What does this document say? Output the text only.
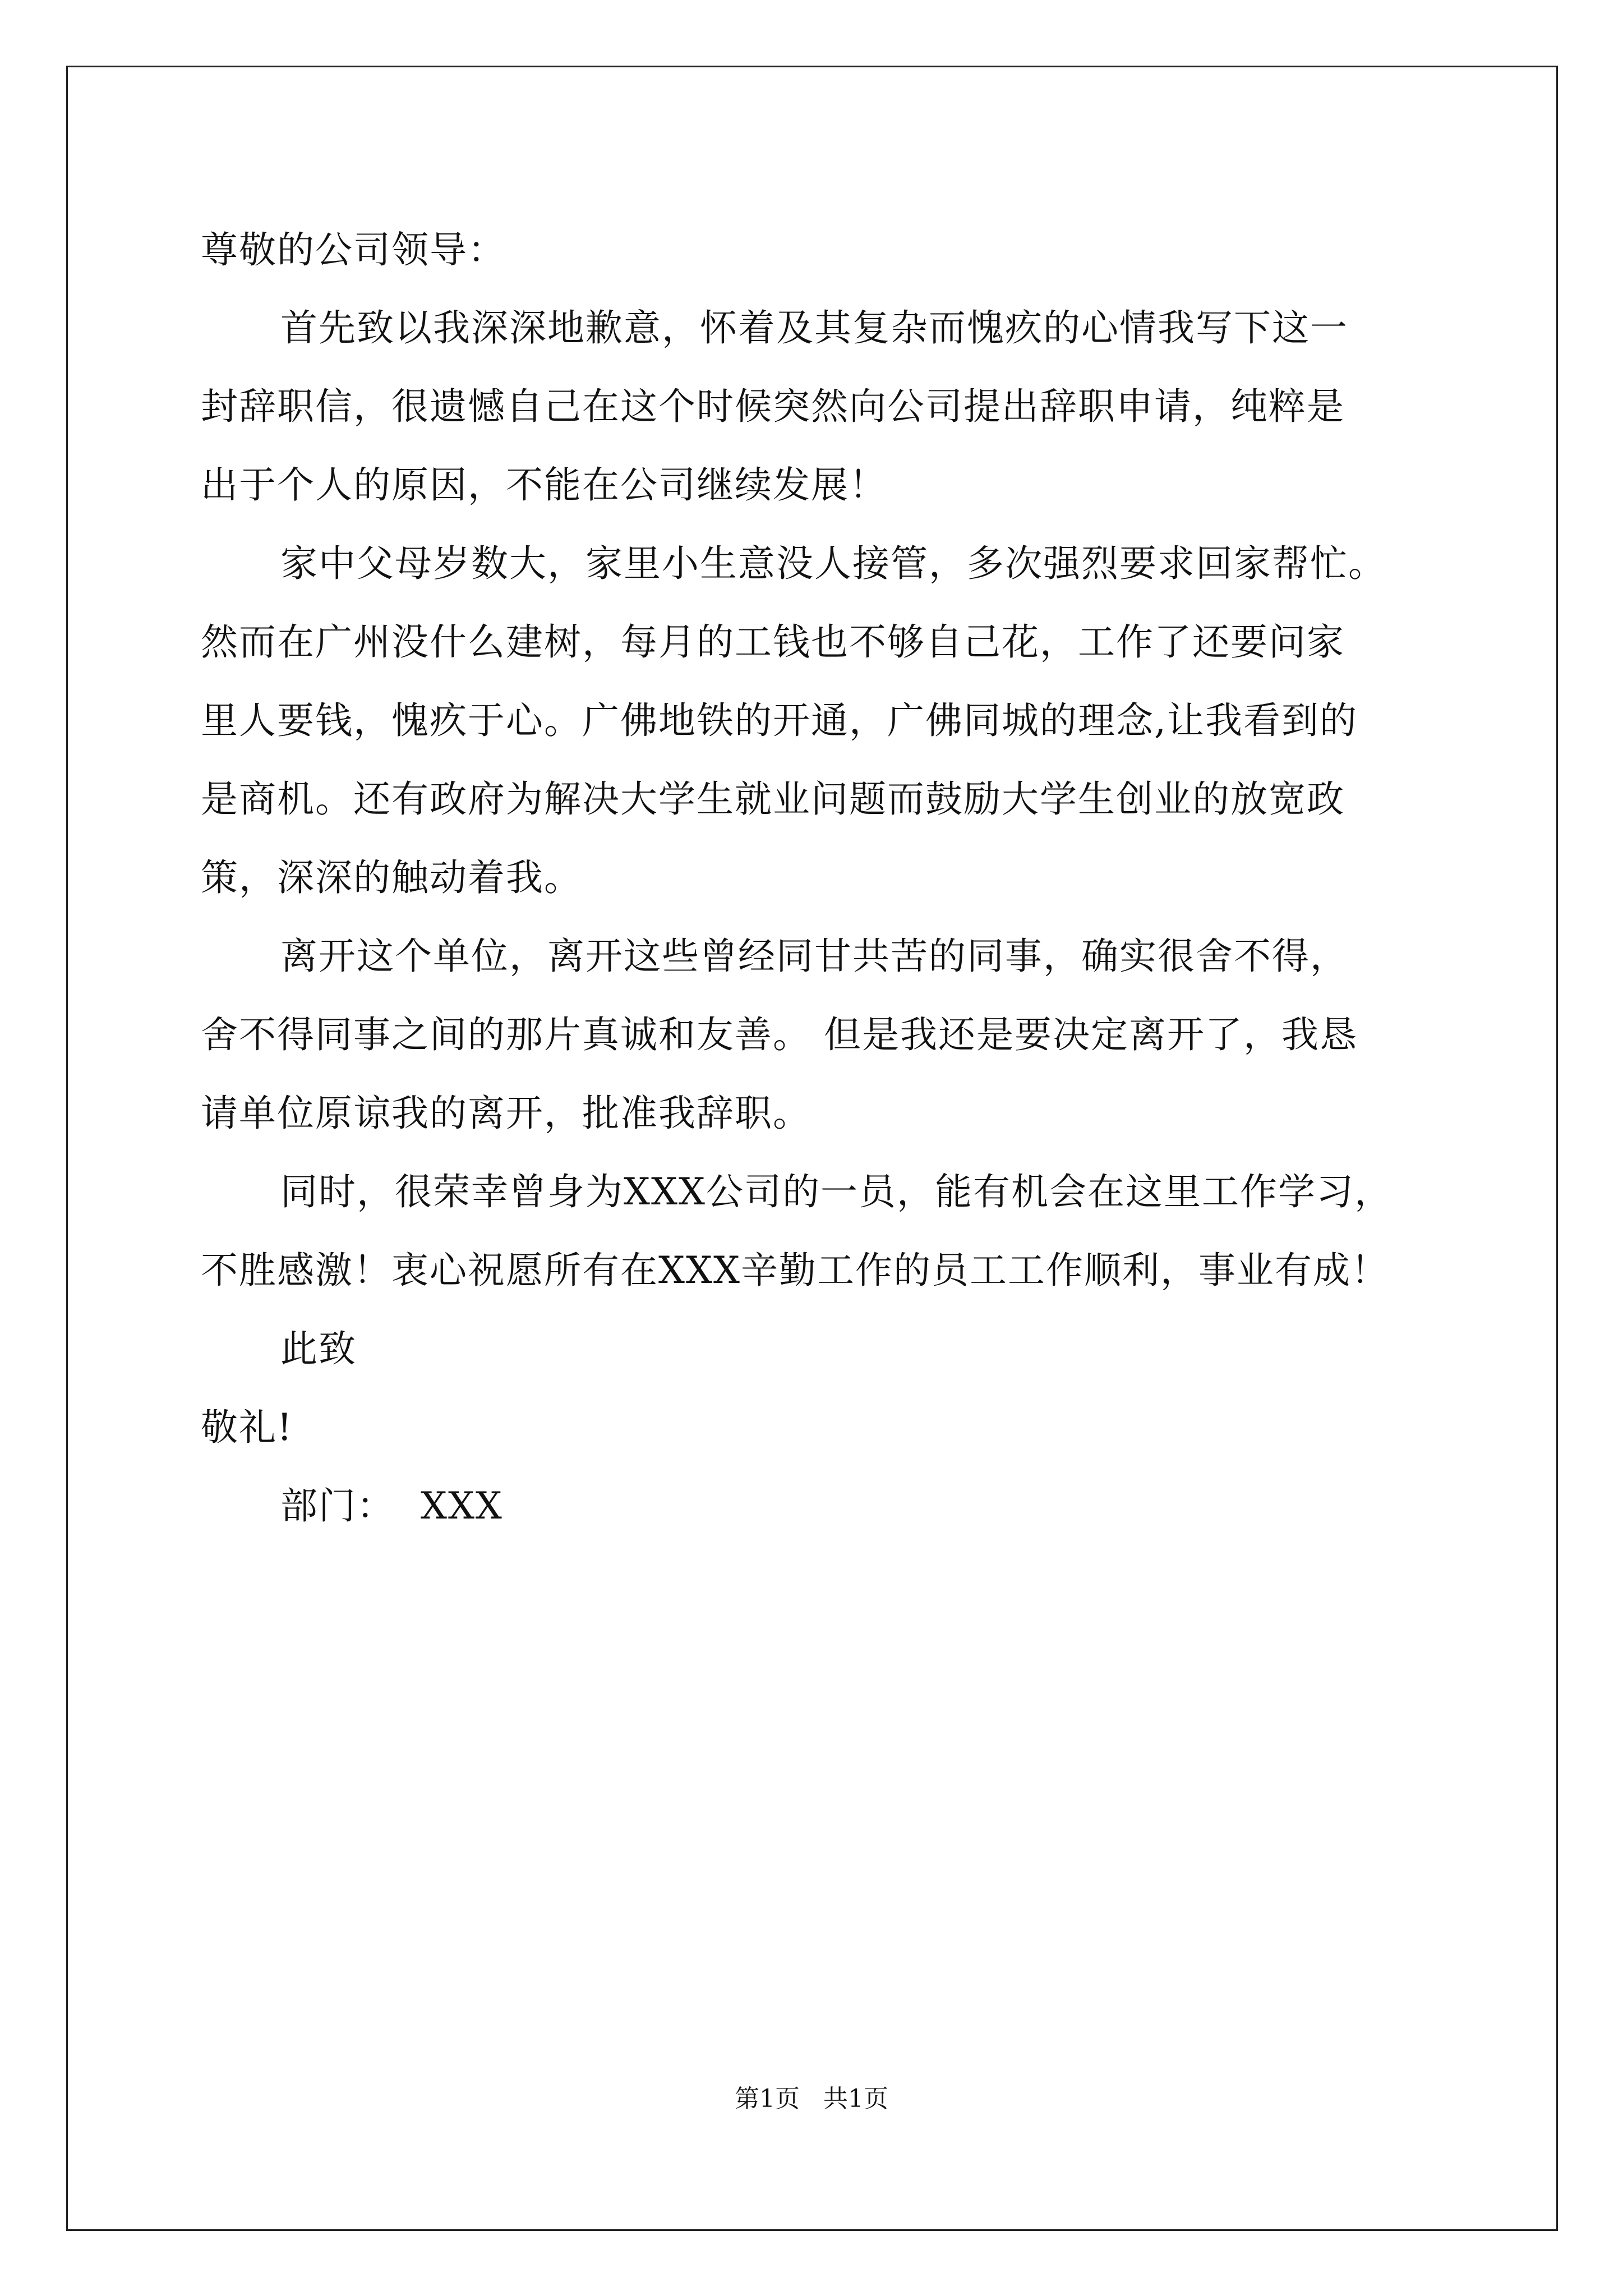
尊敬的公司领导：
首先致以我深深地歉意，怀着及其复杂而愧疚的心情我写下这一
封辞职信，很遗憾自己在这个时候突然向公司提出辞职申请，纯粹是
出于个人的原因，不能在公司继续发展！
家中父母岁数大，家里小生意没人接管，多次强烈要求回家帮忙。
然而在广州没什么建树，每月的工钱也不够自己花，工作了还要问家
里人要钱，愧疚于心。广佛地铁的开通，广佛同城的理念,让我看到的
是商机。还有政府为解决大学生就业问题而鼓励大学生创业的放宽政
策，深深的触动着我。
离开这个单位，离开这些曾经同甘共苦的同事，确实很舍不得，
舍不得同事之间的那片真诚和友善。 但是我还是要决定离开了，我恳
请单位原谅我的离开，批准我辞职。
同时，很荣幸曾身为XXX公司的一员，能有机会在这里工作学习，
不胜感激！衷心祝愿所有在XXX辛勤工作的员工工作顺利，事业有成！
此致
敬礼!
部门：  XXX
第1页   共1页
